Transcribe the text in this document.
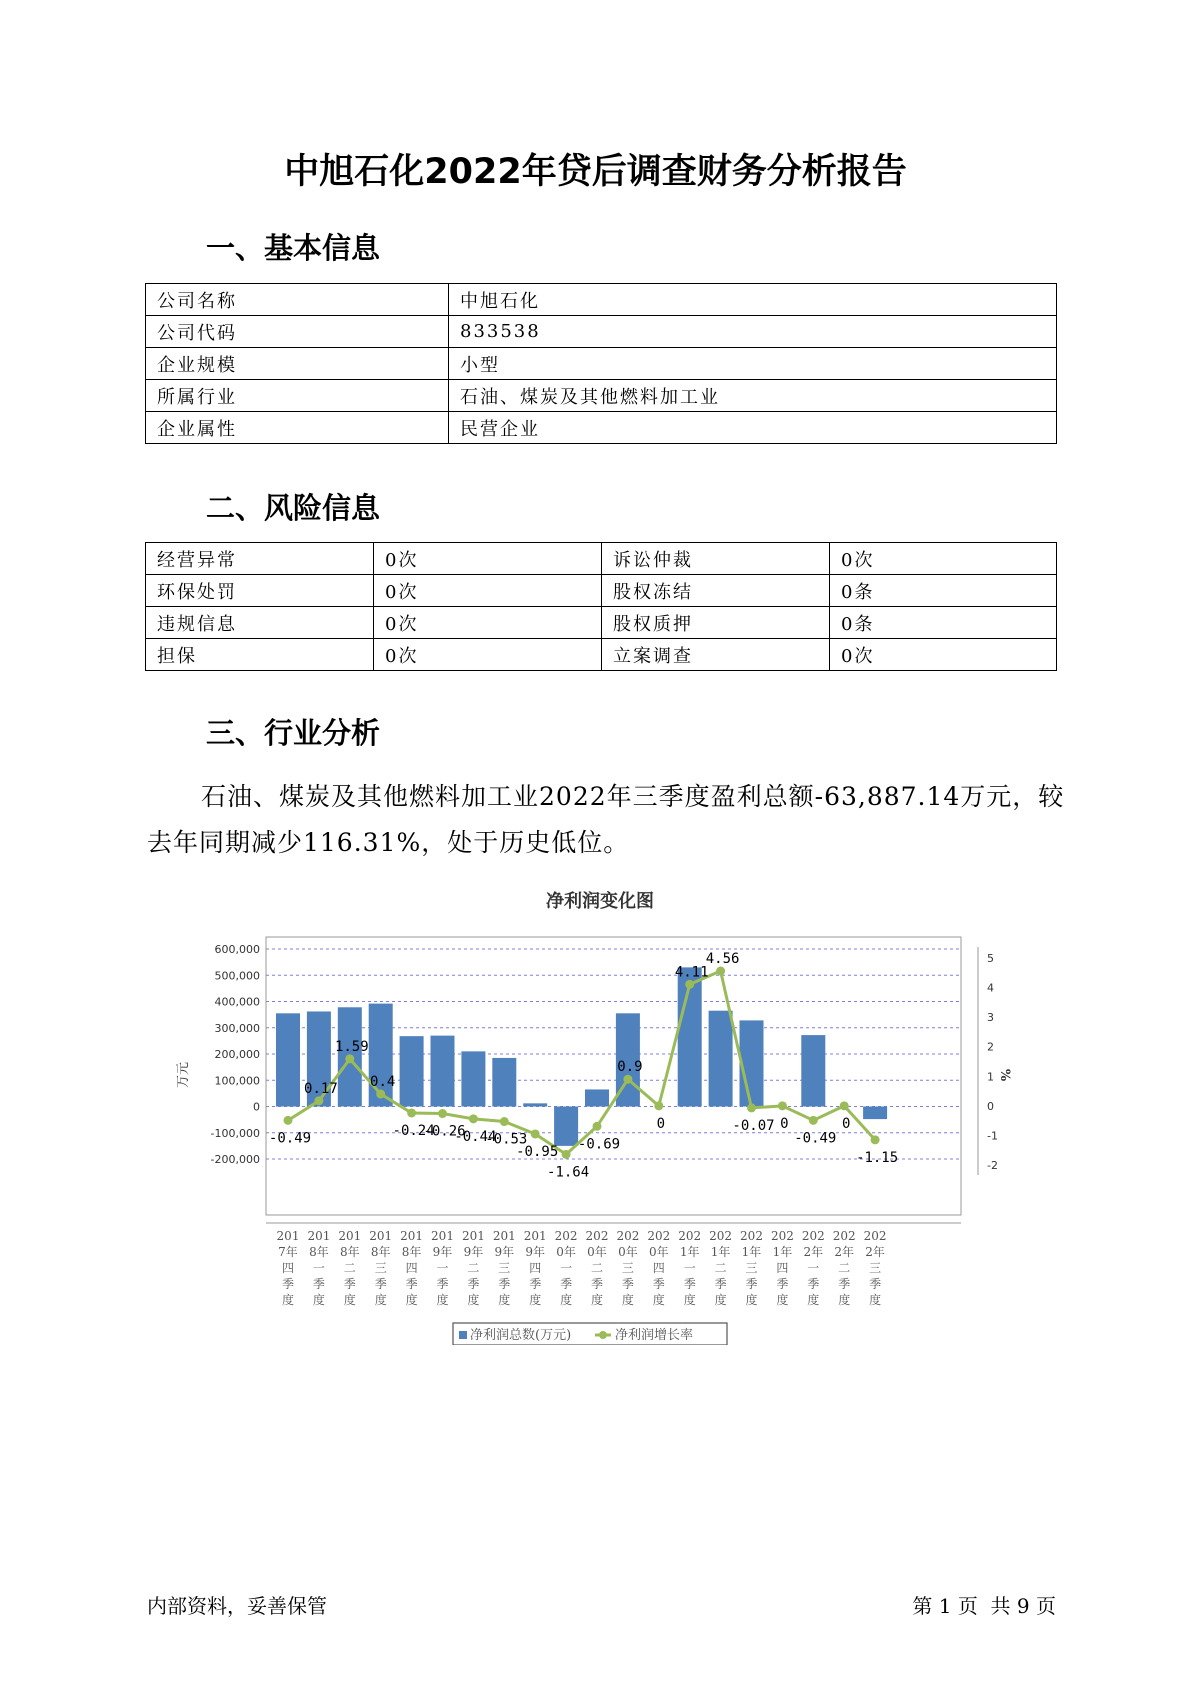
中旭石化2022年贷后调查财务分析报告
一、基本信息
公司名称	中旭石化
公司代码	833538
企业规模	小型
所属行业	石油、煤炭及其他燃料加工业
企业属性	民营企业
二、风险信息
经营异常	0次	诉讼仲裁	0次
环保处罚	0次	股权冻结	0条
违规信息	0次	股权质押	0条
担保	0次	立案调查	0次
三、行业分析
石油、煤炭及其他燃料加工业2022年三季度盈利总额-63,887.14万元，较去年同期减少116.31%，处于历史低位。
净利润变化图
-0.49
0.17
1.59
0.4
-0.24
-0.26
-0.44
-0.53
-0.95
-1.64
-0.69
0.9
0
4.11
4.56
-0.07 0
-0.49
0
-1.15
-200,000
-100,000
0
100,000
200,000
300,000
400,000
500,000
600,000
-2
-1
0
1
2
3
4
5
201
7年
四
季
度
201
8年
一
季
度
201
8年
二
季
度
201
8年
三
季
度
201
8年
四
季
度
201
9年
一
季
度
201
9年
二
季
度
201
9年
三
季
度
201
9年
四
季
度
202
0年
一
季
度
202
0年
二
季
度
202
0年
三
季
度
202
0年
四
季
度
202
1年
一
季
度
202
1年
二
季
度
202
1年
三
季
度
202
1年
四
季
度
202
2年
一
季
度
202
2年
二
季
度
202
2年
三
季
度
万元	%
净利润总数(万元)	净利润增长率
内部资料，妥善保管	第 1 页  共 9 页
